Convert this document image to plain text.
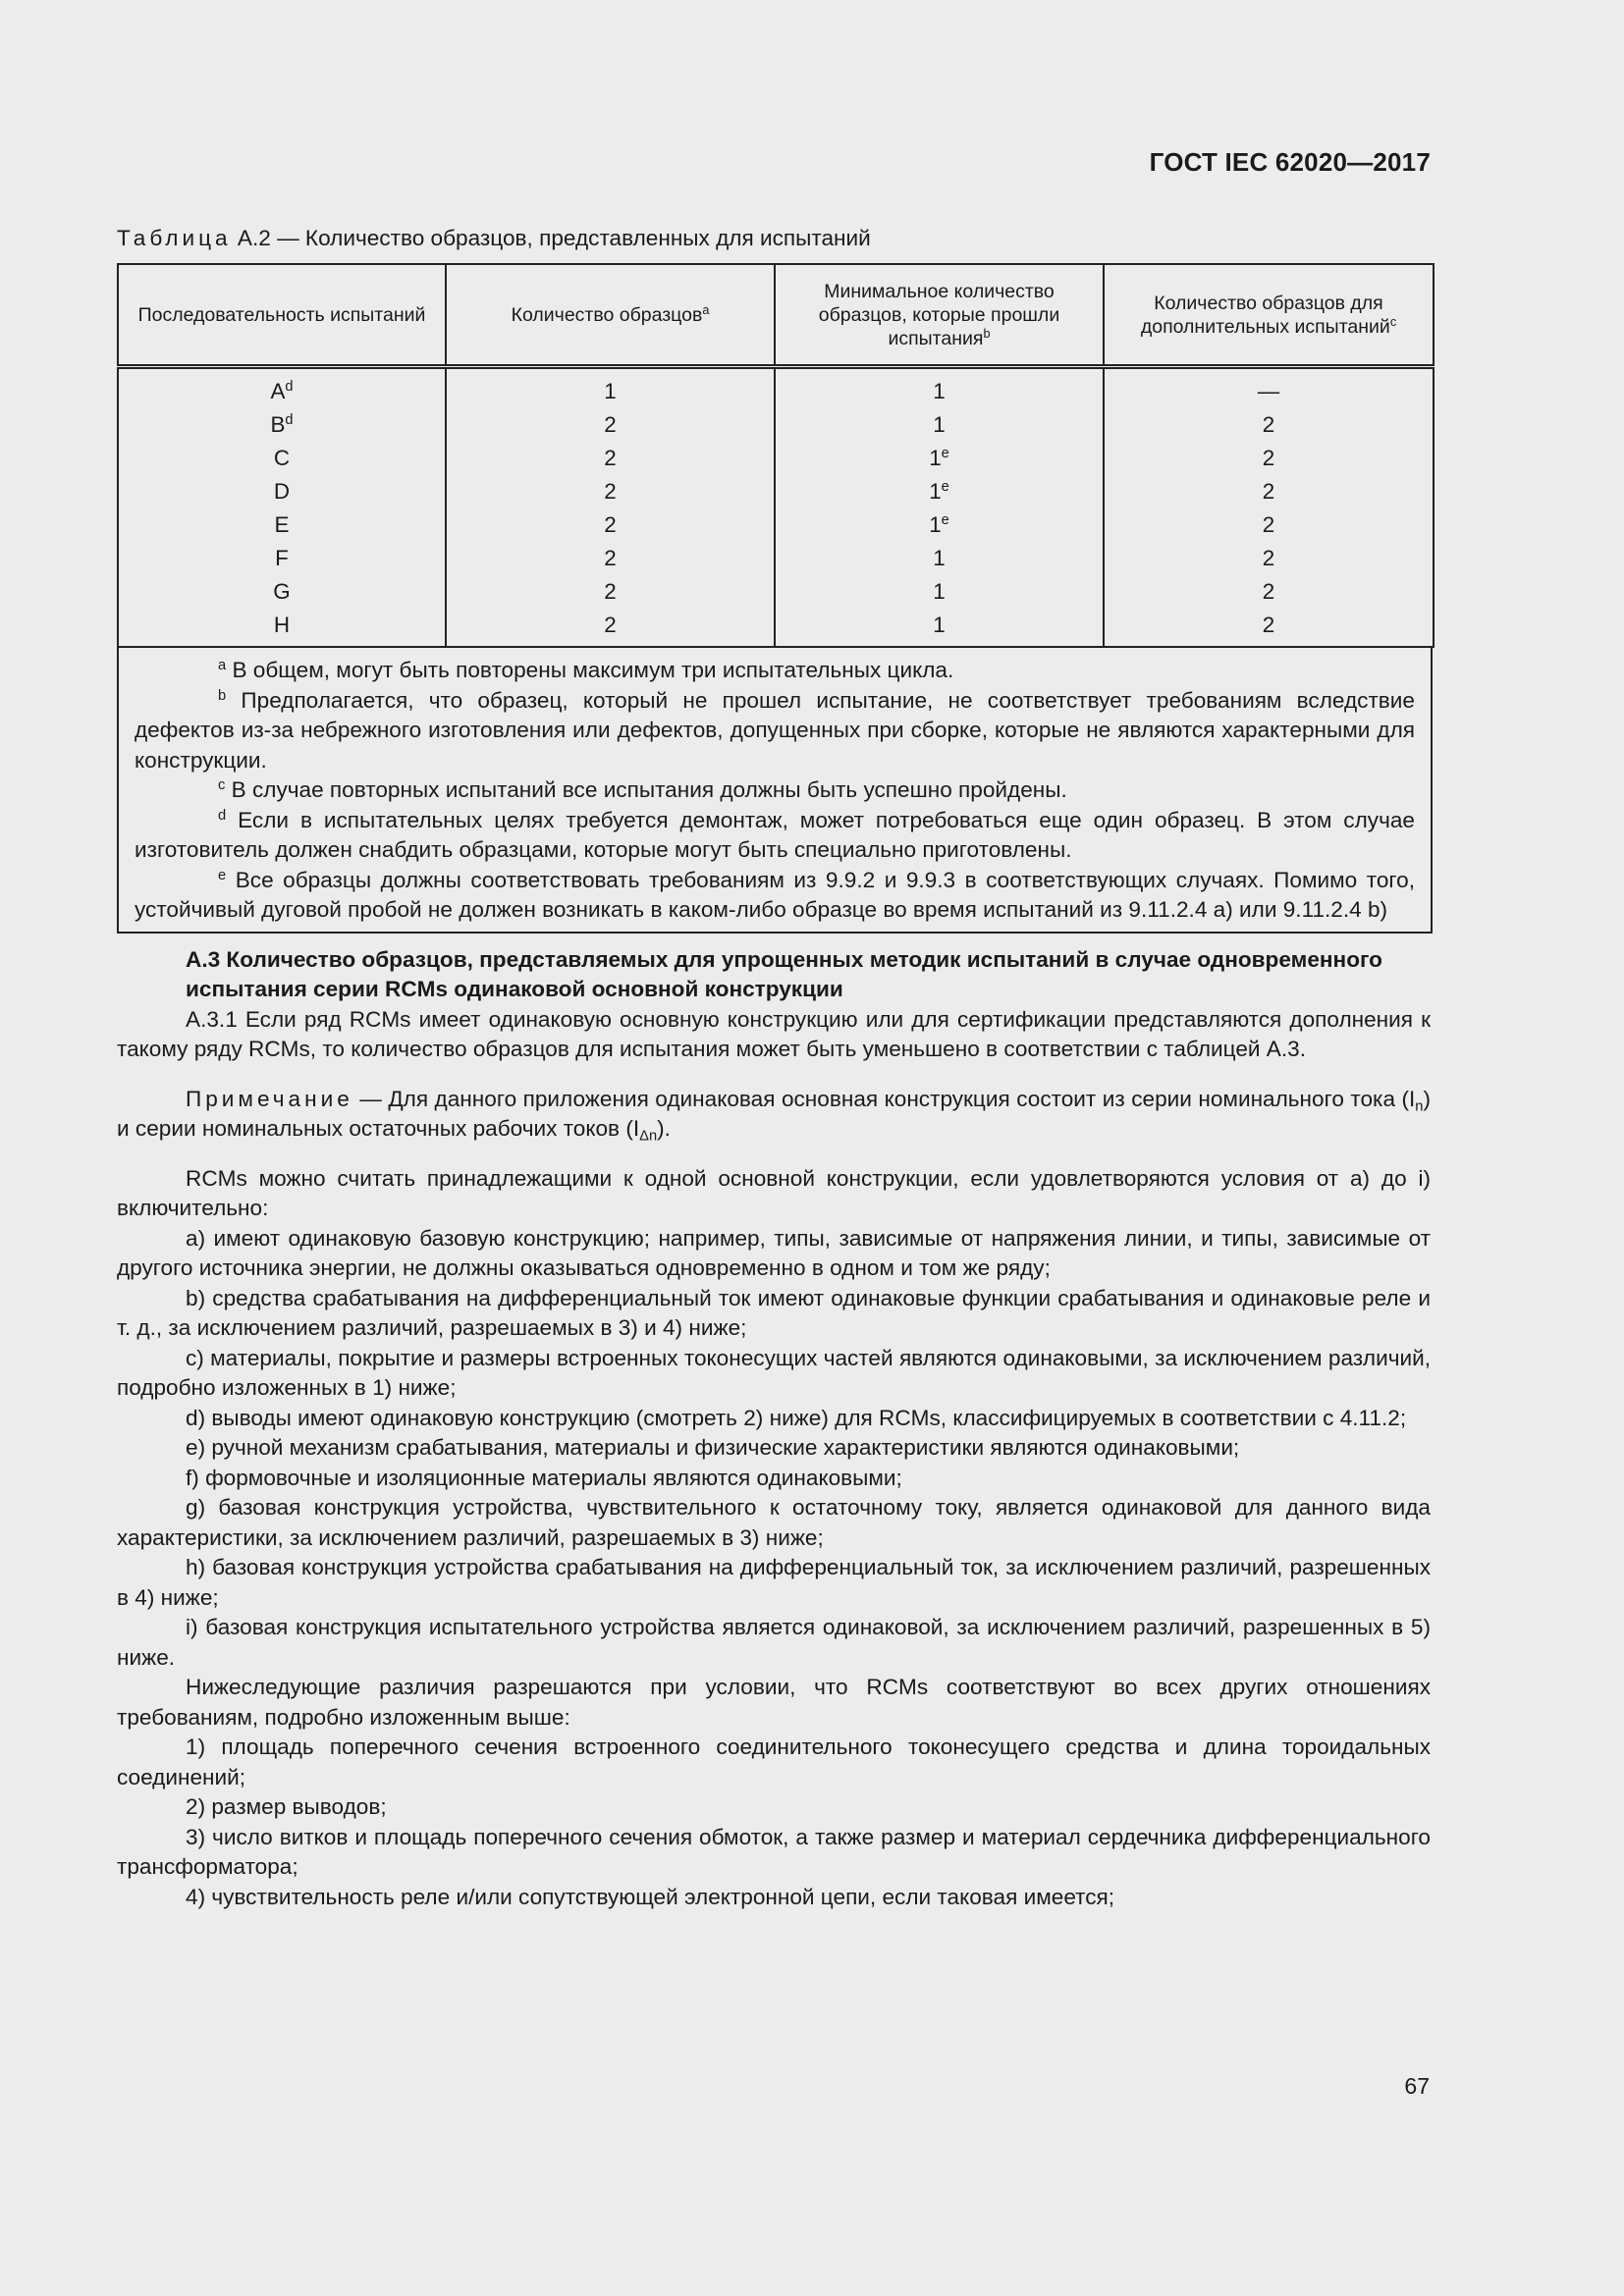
ГОСТ IEC 62020—2017

Таблица А.2 — Количество образцов, представленных для испытаний

Последовательность испытаний	Количество образцов$^a$	Минимальное количество образцов, которые прошли испытания$^b$	Количество образцов для дополнительных испытаний$^c$
$A^d$	1	1	—
$B^d$	2	1	2
C	2	1e	2
D	2	1e	2
E	2	1e	2
F	2	1	2
G	2	1	2
H	2	1	2

$^a$ В общем, могут быть повторены максимум три испытательных цикла.

$^b$ Предполагается, что образец, который не прошел испытание, не соответствует требованиям вследствие дефектов из-за небрежного изготовления или дефектов, допущенных при сборке, которые не являются характерными для конструкции.

$^c$ В случае повторных испытаний все испытания должны быть успешно пройдены.

$^d$ Если в испытательных целях требуется демонтаж, может потребоваться еще один образец. В этом случае изготовитель должен снабдить образцами, которые могут быть специально приготовлены.

$^e$ Все образцы должны соответствовать требованиям из 9.9.2 и 9.9.3 в соответствующих случаях. Помимо того, устойчивый дуговой пробой не должен возникать в каком-либо образце во время испытаний из 9.11.2.4 а) или 9.11.2.4 b)

А.3 Количество образцов, представляемых для упрощенных методик испытаний в случае одновременного испытания серии RCMs одинаковой основной конструкции

А.3.1 Если ряд RCMs имеет одинаковую основную конструкцию или для сертификации представляются дополнения к такому ряду RCMs, то количество образцов для испытания может быть уменьшено в соответствии с таблицей А.3.

Примечание — Для данного приложения одинаковая основная конструкция состоит из серии номинального тока $(I_n)$ и серии номинальных остаточных рабочих токов $(I_{\Delta n})$.

RCMs можно считать принадлежащими к одной основной конструкции, если удовлетворяются условия от а) до i) включительно:

а) имеют одинаковую базовую конструкцию; например, типы, зависимые от напряжения линии, и типы, зависимые от другого источника энергии, не должны оказываться одновременно в одном и том же ряду;

b) средства срабатывания на дифференциальный ток имеют одинаковые функции срабатывания и одинаковые реле и т. д., за исключением различий, разрешаемых в 3) и 4) ниже;

c) материалы, покрытие и размеры встроенных токонесущих частей являются одинаковыми, за исключением различий, подробно изложенных в 1) ниже;

d) выводы имеют одинаковую конструкцию (смотреть 2) ниже) для RCMs, классифицируемых в соответствии с 4.11.2;

e) ручной механизм срабатывания, материалы и физические характеристики являются одинаковыми;

f) формовочные и изоляционные материалы являются одинаковыми;

g) базовая конструкция устройства, чувствительного к остаточному току, является одинаковой для данного вида характеристики, за исключением различий, разрешаемых в 3) ниже;

h) базовая конструкция устройства срабатывания на дифференциальный ток, за исключением различий, разрешенных в 4) ниже;

i) базовая конструкция испытательного устройства является одинаковой, за исключением различий, разрешенных в 5) ниже.

Нижеследующие различия разрешаются при условии, что RCMs соответствуют во всех других отношениях требованиям, подробно изложенным выше:

1) площадь поперечного сечения встроенного соединительного токонесущего средства и длина тороидальных соединений;

2) размер выводов;

3) число витков и площадь поперечного сечения обмоток, а также размер и материал сердечника дифференциального трансформатора;

4) чувствительность реле и/или сопутствующей электронной цепи, если таковая имеется;

67
